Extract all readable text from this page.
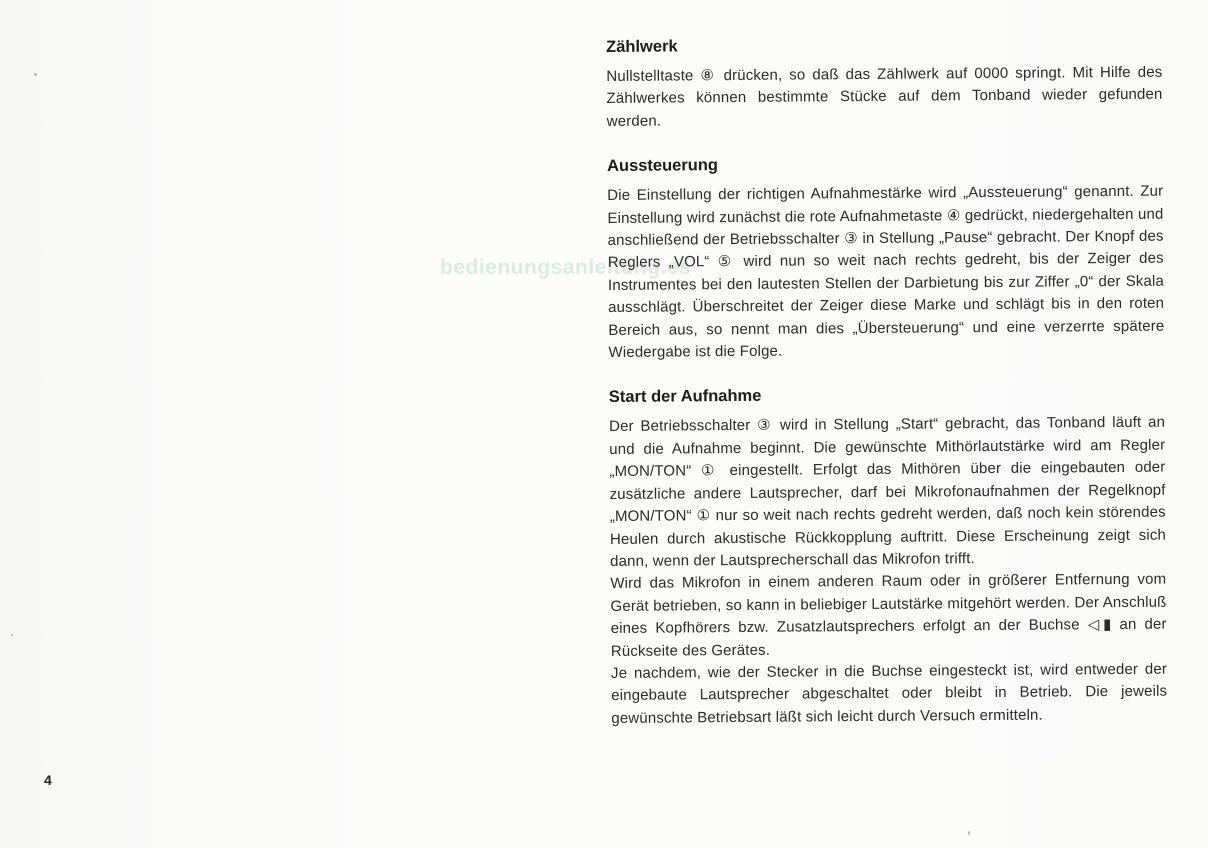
bedienungsanleitung.es
4
Zählwerk

Nullstelltaste ⑧ drücken, so daß das Zählwerk auf 0000 springt. Mit Hilfe des Zählwerkes können bestimmte Stücke auf dem Tonband wieder gefunden werden.

Aussteuerung

Die Einstellung der richtigen Aufnahmestärke wird „Aussteuerung“ genannt. Zur Einstellung wird zunächst die rote Aufnahmetaste ④ gedrückt, niedergehalten und anschließend der Betriebsschalter ③ in Stellung „Pause“ gebracht. Der Knopf des Reglers „VOL“ ⑤ wird nun so weit nach rechts gedreht, bis der Zeiger des Instrumentes bei den lautesten Stellen der Darbietung bis zur Ziffer „0“ der Skala ausschlägt. Überschreitet der Zeiger diese Marke und schlägt bis in den roten Bereich aus, so nennt man dies „Übersteuerung“ und eine verzerrte spätere Wiedergabe ist die Folge.

Start der Aufnahme

Der Betriebsschalter ③ wird in Stellung „Start“ gebracht, das Tonband läuft an und die Aufnahme beginnt. Die gewünschte Mithörlautstärke wird am Regler „MON/TON“ ① eingestellt. Erfolgt das Mithören über die eingebauten oder zusätzliche andere Lautsprecher, darf bei Mikrofonaufnahmen der Regelknopf „MON/TON“ ① nur so weit nach rechts gedreht werden, daß noch kein störendes Heulen durch akustische Rückkopplung auftritt. Diese Erscheinung zeigt sich dann, wenn der Lautsprecherschall das Mikrofon trifft.

Wird das Mikrofon in einem anderen Raum oder in größerer Entfernung vom Gerät betrieben, so kann in beliebiger Lautstärke mitgehört werden. Der Anschluß eines Kopfhörers bzw. Zusatzlautsprechers erfolgt an der Buchse ◁▮ an der Rückseite des Gerätes.

Je nachdem, wie der Stecker in die Buchse eingesteckt ist, wird entweder der eingebaute Lautsprecher abgeschaltet oder bleibt in Betrieb. Die jeweils gewünschte Betriebsart läßt sich leicht durch Versuch ermitteln.
